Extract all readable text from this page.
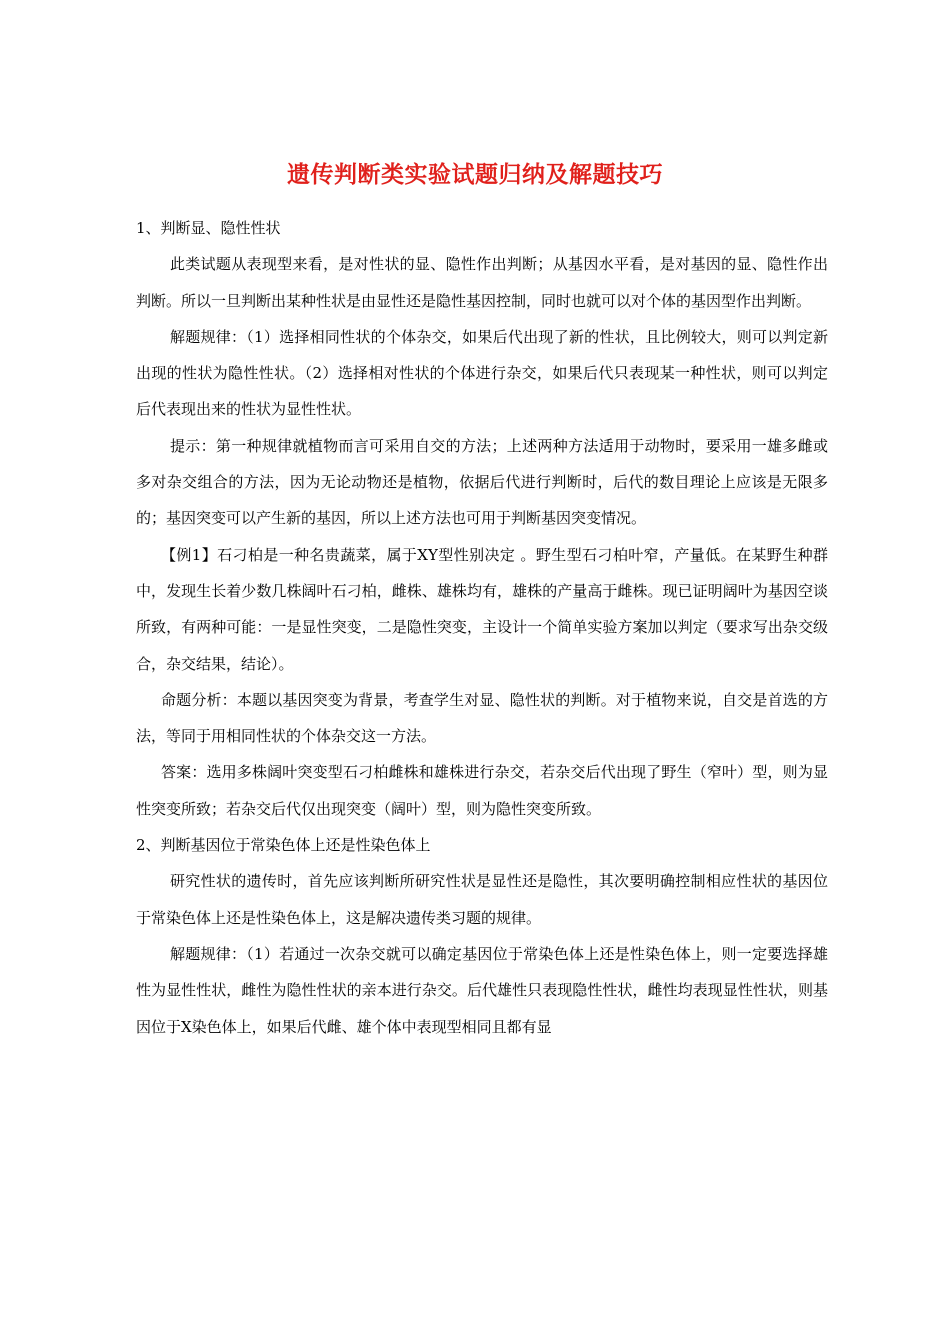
遗传判断类实验试题归纳及解题技巧

1、判断显、隐性性状

此类试题从表现型来看，是对性状的显、隐性作出判断；从基因水平看，是对基因的显、隐性作出判断。所以一旦判断出某种性状是由显性还是隐性基因控制，同时也就可以对个体的基因型作出判断。

解题规律：（1）选择相同性状的个体杂交，如果后代出现了新的性状，且比例较大，则可以判定新出现的性状为隐性性状。（2）选择相对性状的个体进行杂交，如果后代只表现某一种性状，则可以判定后代表现出来的性状为显性性状。

提示：第一种规律就植物而言可采用自交的方法；上述两种方法适用于动物时，要采用一雄多雌或多对杂交组合的方法，因为无论动物还是植物，依据后代进行判断时，后代的数目理论上应该是无限多的；基因突变可以产生新的基因，所以上述方法也可用于判断基因突变情况。

【例1】石刁柏是一种名贵蔬菜，属于XY型性别决定 。野生型石刁柏叶窄，产量低。在某野生种群中，发现生长着少数几株阔叶石刁柏，雌株、雄株均有，雄株的产量高于雌株。现已证明阔叶为基因空谈所致，有两种可能：一是显性突变，二是隐性突变，主设计一个简单实验方案加以判定（要求写出杂交级合，杂交结果，结论）。

命题分析：本题以基因突变为背景，考查学生对显、隐性状的判断。对于植物来说，自交是首选的方法，等同于用相同性状的个体杂交这一方法。

答案：选用多株阔叶突变型石刁柏雌株和雄株进行杂交，若杂交后代出现了野生（窄叶）型，则为显性突变所致；若杂交后代仅出现突变（阔叶）型，则为隐性突变所致。

2、判断基因位于常染色体上还是性染色体上

研究性状的遗传时，首先应该判断所研究性状是显性还是隐性，其次要明确控制相应性状的基因位于常染色体上还是性染色体上，这是解决遗传类习题的规律。

解题规律：（1）若通过一次杂交就可以确定基因位于常染色体上还是性染色体上，则一定要选择雄性为显性性状，雌性为隐性性状的亲本进行杂交。后代雄性只表现隐性性状，雌性均表现显性性状，则基因位于X染色体上，如果后代雌、雄个体中表现型相同且都有显
